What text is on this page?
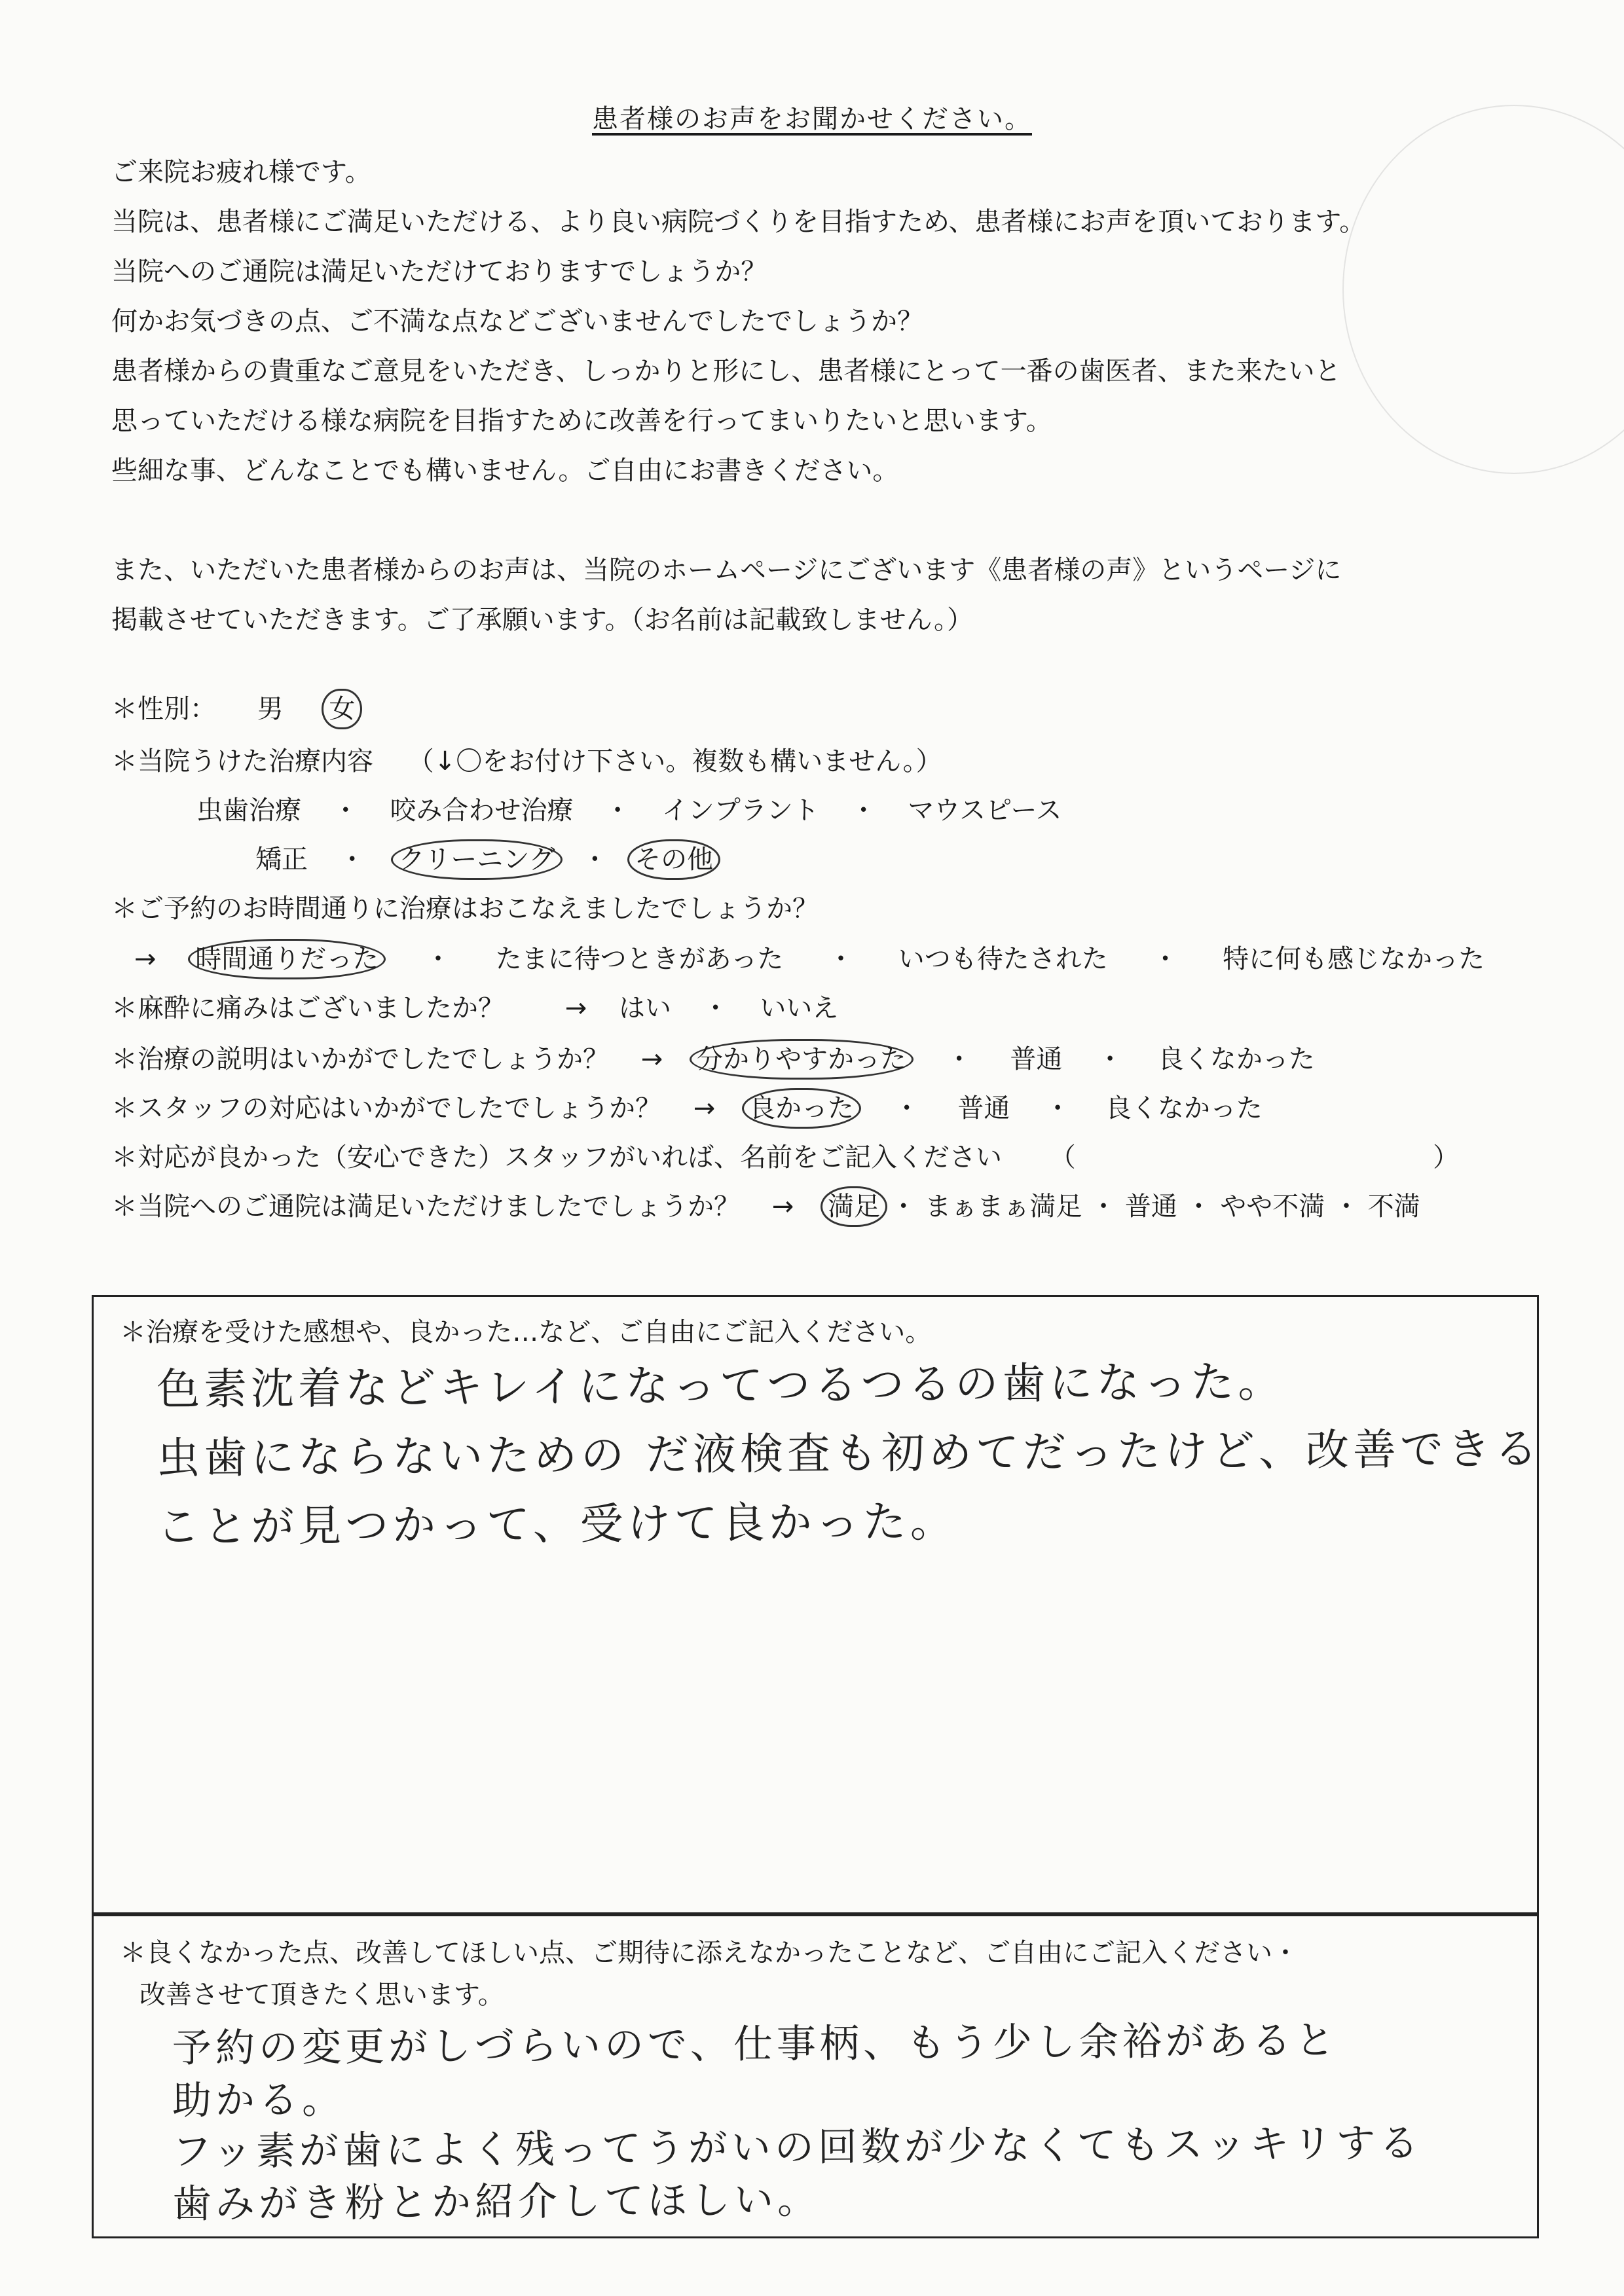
患者様のお声をお聞かせください。
ご来院お疲れ様です。
当院は、患者様にご満足いただける、より良い病院づくりを目指すため、患者様にお声を頂いております。
当院へのご通院は満足いただけておりますでしょうか？
何かお気づきの点、ご不満な点などございませんでしたでしょうか？
患者様からの貴重なご意見をいただき、しっかりと形にし、患者様にとって一番の歯医者、また来たいと
思っていただける様な病院を目指すために改善を行ってまいりたいと思います。
些細な事、どんなことでも構いません。ご自由にお書きください。
また、いただいた患者様からのお声は、当院のホームページにございます《患者様の声》というページに
掲載させていただきます。ご了承願います。（お名前は記載致しません。）
＊性別： 男 女
＊当院うけた治療内容 （↓〇をお付け下さい。複数も構いません。）
虫歯治療 ・ 咬み合わせ治療 ・ インプラント ・ マウスピース
矯正 ・ クリーニング ・ その他
＊ご予約のお時間通りに治療はおこなえましたでしょうか？
→ 時間通りだった ・ たまに待つときがあった ・ いつも待たされた ・ 特に何も感じなかった
＊麻酔に痛みはございましたか？ → はい ・ いいえ
＊治療の説明はいかがでしたでしょうか？ → 分かりやすかった ・ 普通 ・ 良くなかった
＊スタッフの対応はいかがでしたでしょうか？ → 良かった ・ 普通 ・ 良くなかった
＊対応が良かった（安心できた）スタッフがいれば、名前をご記入ください （	）
＊当院へのご通院は満足いただけましたでしょうか？ → 満足 ・ まぁまぁ満足 ・ 普通 ・ やや不満 ・ 不満
＊治療を受けた感想や、良かった…など、ご自由にご記入ください。
色素沈着などキレイになってつるつるの歯になった。
虫歯にならないための だ液検査も初めてだったけど、改善できる
ことが見つかって、受けて良かった。
＊良くなかった点、改善してほしい点、ご期待に添えなかったことなど、ご自由にご記入ください・
改善させて頂きたく思います。
予約の変更がしづらいので、仕事柄、もう少し余裕があると
助かる。
フッ素が歯によく残ってうがいの回数が少なくてもスッキリする
歯みがき粉とか紹介してほしい。
